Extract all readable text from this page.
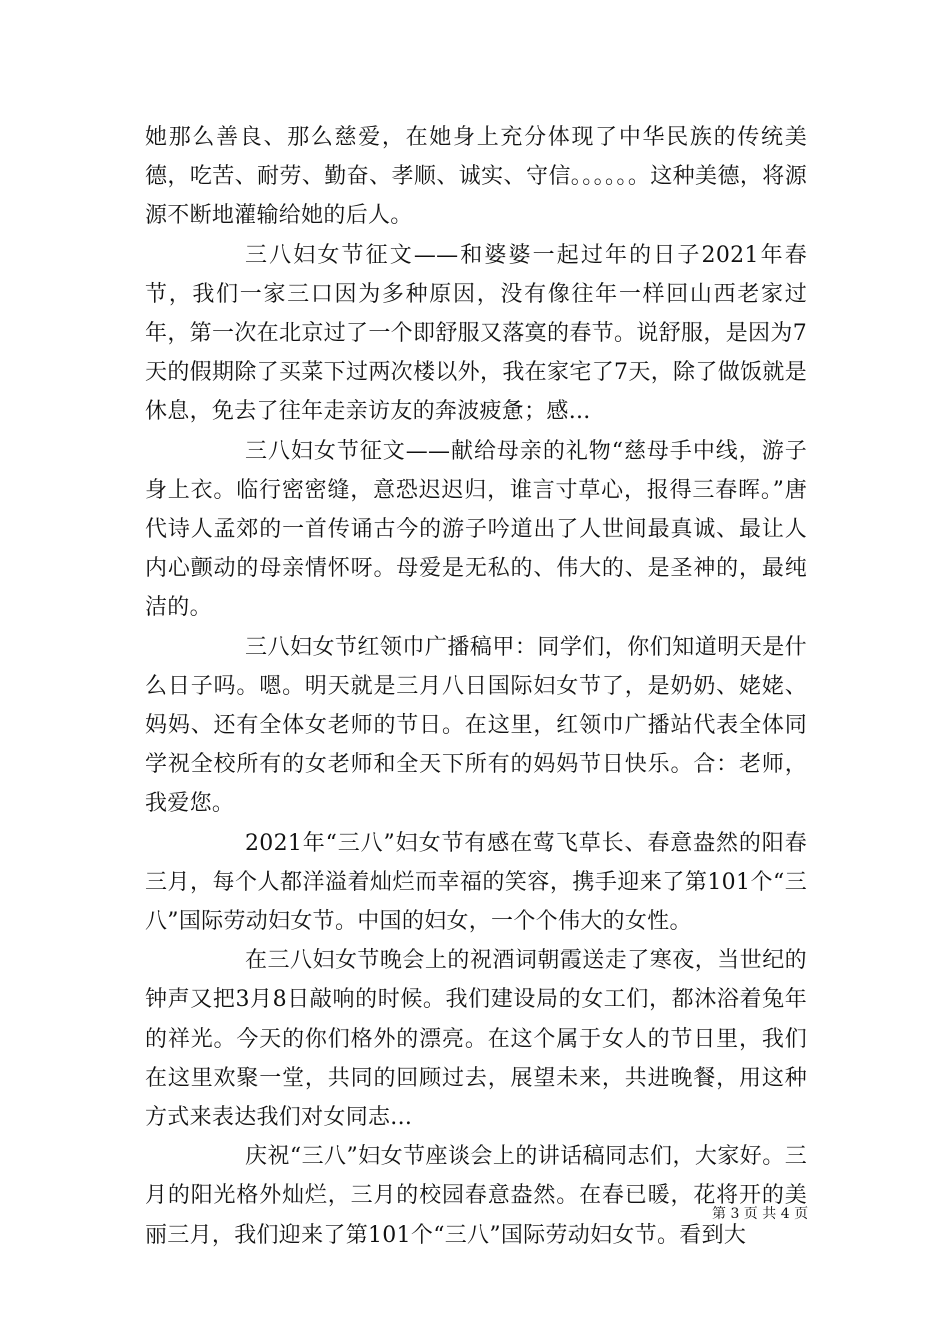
她那么善良、那么慈爱，在她身上充分体现了中华民族的传统美德，吃苦、耐劳、勤奋、孝顺、诚实、守信。。。。。。这种美德，将源源不断地灌输给她的后人。

三八妇女节征文——和婆婆一起过年的日子2021年春节，我们一家三口因为多种原因，没有像往年一样回山西老家过年，第一次在北京过了一个即舒服又落寞的春节。说舒服，是因为7天的假期除了买菜下过两次楼以外，我在家宅了7天，除了做饭就是休息，免去了往年走亲访友的奔波疲惫；感...

三八妇女节征文——献给母亲的礼物“慈母手中线，游子身上衣。临行密密缝，意恐迟迟归，谁言寸草心，报得三春晖。”唐代诗人孟郊的一首传诵古今的游子吟道出了人世间最真诚、最让人内心颤动的母亲情怀呀。母爱是无私的、伟大的、是圣神的，最纯洁的。

三八妇女节红领巾广播稿甲：同学们，你们知道明天是什么日子吗。嗯。明天就是三月八日国际妇女节了，是奶奶、姥姥、妈妈、还有全体女老师的节日。在这里，红领巾广播站代表全体同学祝全校所有的女老师和全天下所有的妈妈节日快乐。合：老师，我爱您。

2021年“三八”妇女节有感在莺飞草长、春意盎然的阳春三月，每个人都洋溢着灿烂而幸福的笑容，携手迎来了第101个“三八”国际劳动妇女节。中国的妇女，一个个伟大的女性。

在三八妇女节晚会上的祝酒词朝霞送走了寒夜，当世纪的钟声又把3月8日敲响的时候。我们建设局的女工们，都沐浴着兔年的祥光。今天的你们格外的漂亮。在这个属于女人的节日里，我们在这里欢聚一堂，共同的回顾过去，展望未来，共进晚餐，用这种方式来表达我们对女同志...

庆祝“三八”妇女节座谈会上的讲话稿同志们，大家好。三月的阳光格外灿烂，三月的校园春意盎然。在春已暖，花将开的美丽三月，我们迎来了第101个“三八”国际劳动妇女节。看到大

第 3 页 共 4 页
